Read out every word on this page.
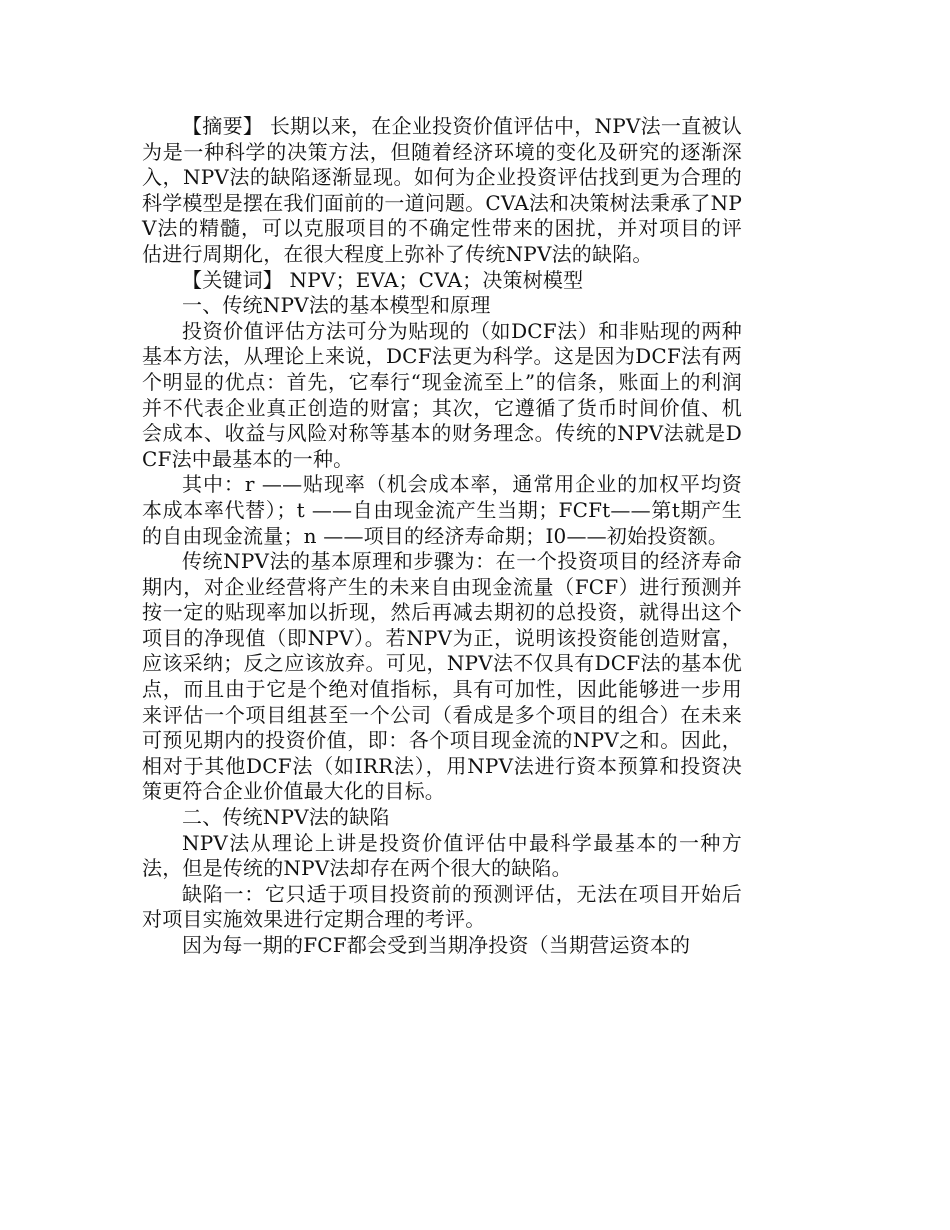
【摘要】 长期以来，在企业投资价值评估中，NPV法一直被认为是一种科学的决策方法，但随着经济环境的变化及研究的逐渐深入，NPV法的缺陷逐渐显现。如何为企业投资评估找到更为合理的科学模型是摆在我们面前的一道问题。CVA法和决策树法秉承了NPV法的精髓，可以克服项目的不确定性带来的困扰，并对项目的评估进行周期化，在很大程度上弥补了传统NPV法的缺陷。

【关键词】 NPV；EVA；CVA；决策树模型

一、传统NPV法的基本模型和原理

投资价值评估方法可分为贴现的（如DCF法）和非贴现的两种基本方法，从理论上来说，DCF法更为科学。这是因为DCF法有两个明显的优点：首先，它奉行“现金流至上”的信条，账面上的利润并不代表企业真正创造的财富；其次，它遵循了货币时间价值、机会成本、收益与风险对称等基本的财务理念。传统的NPV法就是DCF法中最基本的一种。

其中：r ——贴现率（机会成本率，通常用企业的加权平均资本成本率代替）；t ——自由现金流产生当期；FCFt——第t期产生的自由现金流量；n ——项目的经济寿命期；I0——初始投资额。

传统NPV法的基本原理和步骤为：在一个投资项目的经济寿命期内，对企业经营将产生的未来自由现金流量（FCF）进行预测并按一定的贴现率加以折现，然后再减去期初的总投资，就得出这个项目的净现值（即NPV）。若NPV为正，说明该投资能创造财富，应该采纳；反之应该放弃。可见，NPV法不仅具有DCF法的基本优点，而且由于它是个绝对值指标，具有可加性，因此能够进一步用来评估一个项目组甚至一个公司（看成是多个项目的组合）在未来可预见期内的投资价值，即：各个项目现金流的NPV之和。因此，相对于其他DCF法（如IRR法），用NPV法进行资本预算和投资决策更符合企业价值最大化的目标。

二、传统NPV法的缺陷

NPV法从理论上讲是投资价值评估中最科学最基本的一种方法，但是传统的NPV法却存在两个很大的缺陷。

缺陷一：它只适于项目投资前的预测评估，无法在项目开始后对项目实施效果进行定期合理的考评。

因为每一期的FCF都会受到当期净投资（当期营运资本的
